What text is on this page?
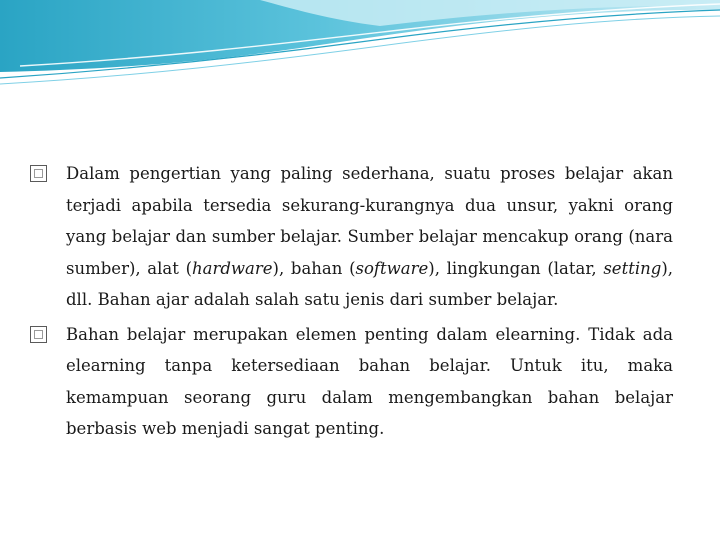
Dalam pengertian yang paling sederhana, suatu proses belajar akan terjadi apabila tersedia sekurang-kurangnya dua unsur, yakni orang yang belajar dan sumber belajar. Sumber belajar mencakup orang (nara sumber), alat (hardware), bahan (software), lingkungan (latar, setting), dll. Bahan ajar adalah salah satu jenis dari sumber belajar.

Bahan belajar merupakan elemen penting dalam elearning. Tidak ada elearning tanpa ketersediaan bahan belajar. Untuk itu, maka kemampuan seorang guru dalam mengembangkan bahan belajar berbasis web menjadi sangat penting.
